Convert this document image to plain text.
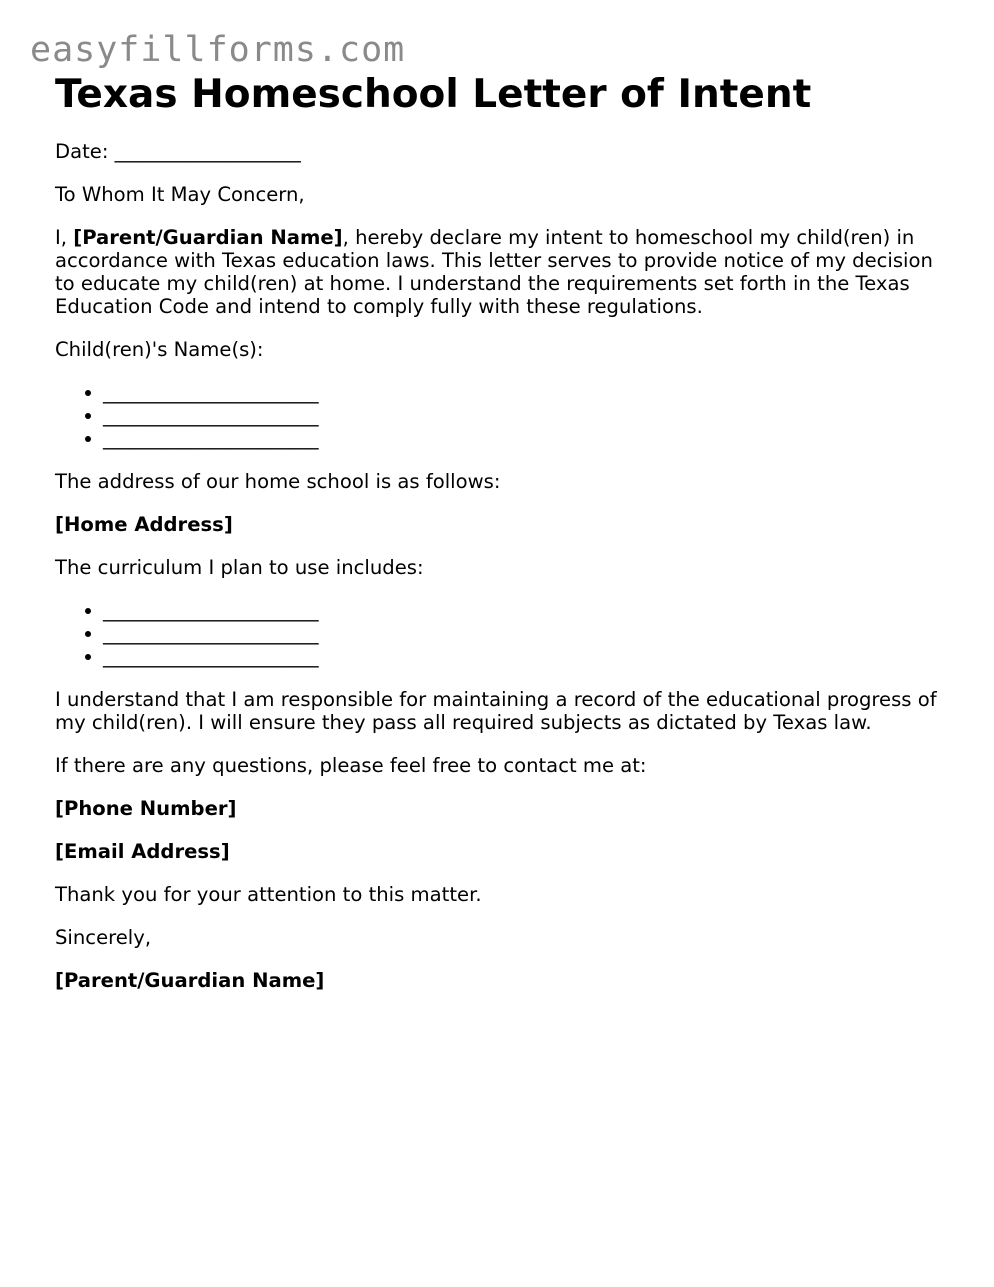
easyfillforms.com
Texas Homeschool Letter of Intent

Date: ___________________

To Whom It May Concern,

I, [Parent/Guardian Name], hereby declare my intent to homeschool my child(ren) in accordance with Texas education laws. This letter serves to provide notice of my decision to educate my child(ren) at home. I understand the requirements set forth in the Texas Education Code and intend to comply fully with these regulations.

Child(ren)'s Name(s):

______________________
______________________
______________________

The address of our home school is as follows:

[Home Address]

The curriculum I plan to use includes:

______________________
______________________
______________________

I understand that I am responsible for maintaining a record of the educational progress of my child(ren). I will ensure they pass all required subjects as dictated by Texas law.

If there are any questions, please feel free to contact me at:

[Phone Number]

[Email Address]

Thank you for your attention to this matter.

Sincerely,

[Parent/Guardian Name]
